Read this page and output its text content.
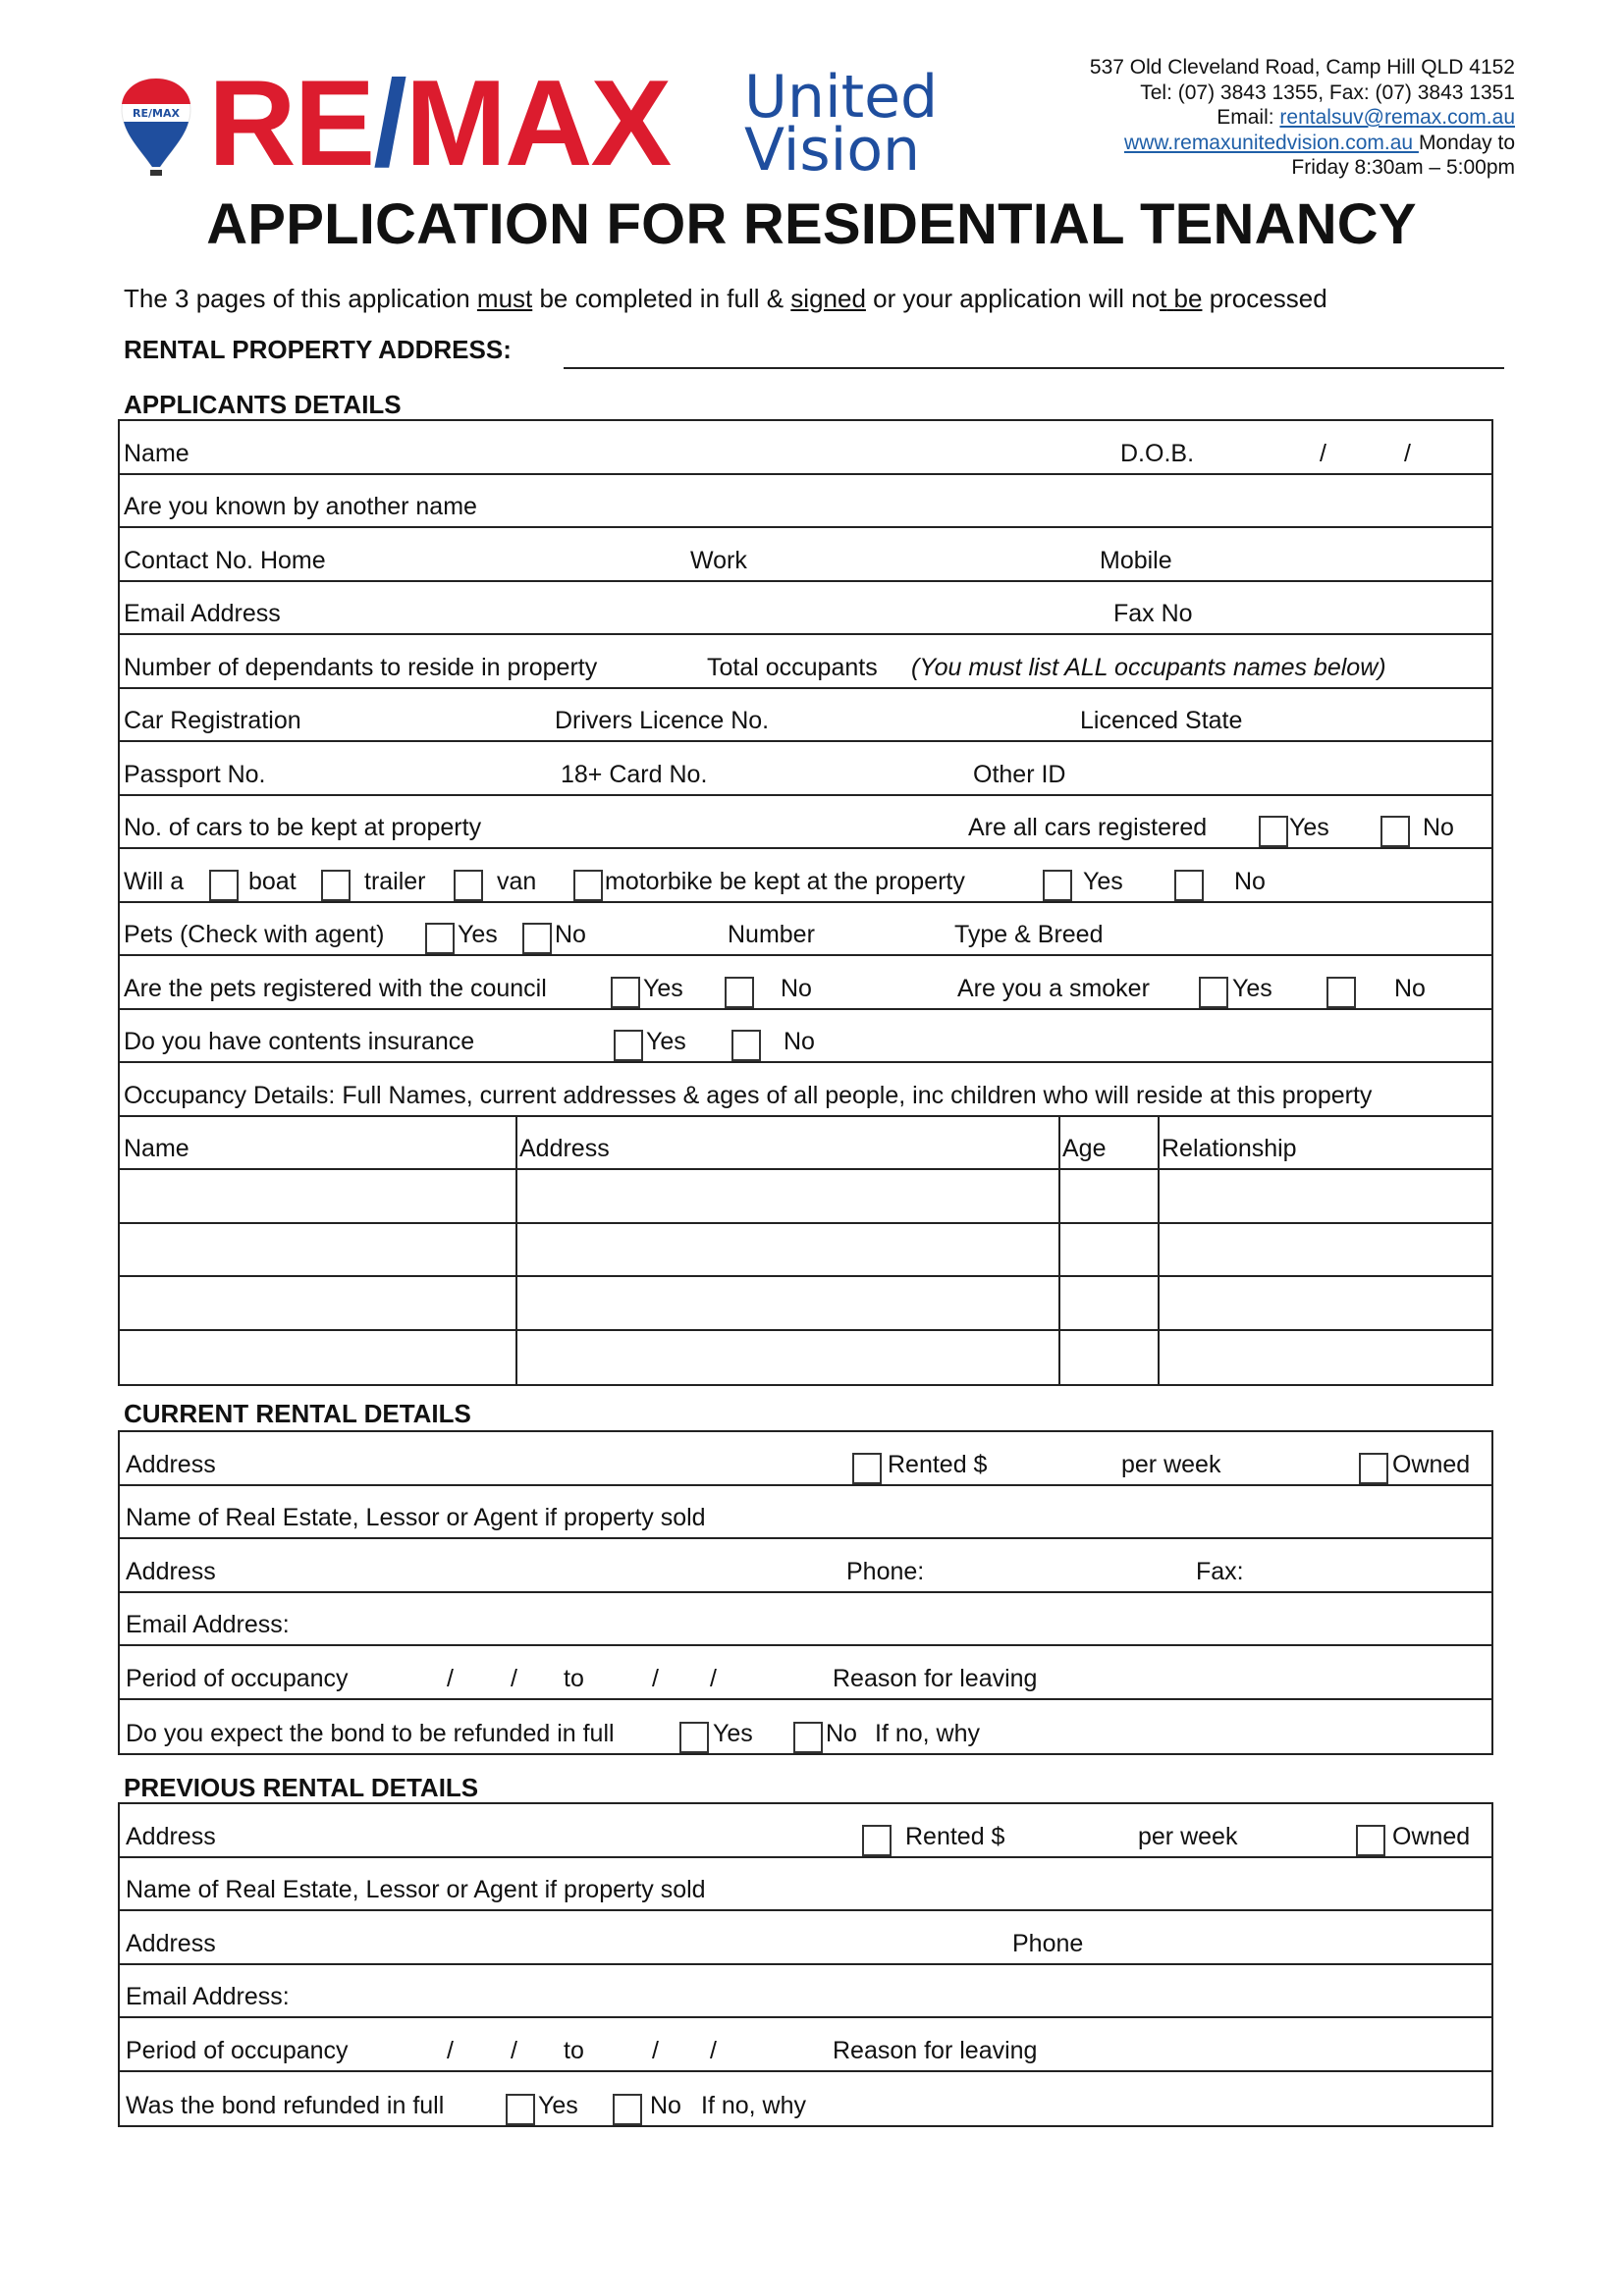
RE/MAX RE/MAX United
Vision
537 Old Cleveland Road, Camp Hill QLD 4152
Tel: (07) 3843 1355, Fax: (07) 3843 1351
Email: rentalsuv@remax.com.au
www.remaxunitedvision.com.au Monday to
Friday 8:30am – 5:00pm
APPLICATION FOR RESIDENTIAL TENANCY
The 3 pages of this application must be completed in full & signed or your application will not be processed
RENTAL PROPERTY ADDRESS:
APPLICANTS DETAILS
Name	D.O.B.	/	/
Are you known by another name
Contact No. Home	Work	Mobile
Email Address	Fax No
Number of dependants to reside in property	Total occupants (You must list ALL occupants names below)
Car Registration	Drivers Licence No.	Licenced State
Passport No.	18+ Card No.	Other ID
No. of cars to be kept at property	Are all cars registered	Yes	No
Will a	boat	trailer	van	motorbike be kept at the property	Yes	No
Pets (Check with agent)	Yes No	Number	Type & Breed
Are the pets registered with the council	Yes	No	Are you a smoker	Yes	No
Do you have contents insurance	Yes	No
Occupancy Details: Full Names, current addresses & ages of all people, inc children who will reside at this property
Name	Address	Age Relationship
CURRENT RENTAL DETAILS
Address	Rented $	per week	Owned
Name of Real Estate, Lessor or Agent if property sold
Address	Phone:	Fax:
Email Address:
Period of occupancy	/ / to	/ /	Reason for leaving
Do you expect the bond to be refunded in full	Yes	No If no, why
PREVIOUS RENTAL DETAILS
Address	Rented $	per week	Owned
Name of Real Estate, Lessor or Agent if property sold
Address	Phone
Email Address:
Period of occupancy	/ / to	/ /	Reason for leaving
Was the bond refunded in full	Yes	No If no, why
